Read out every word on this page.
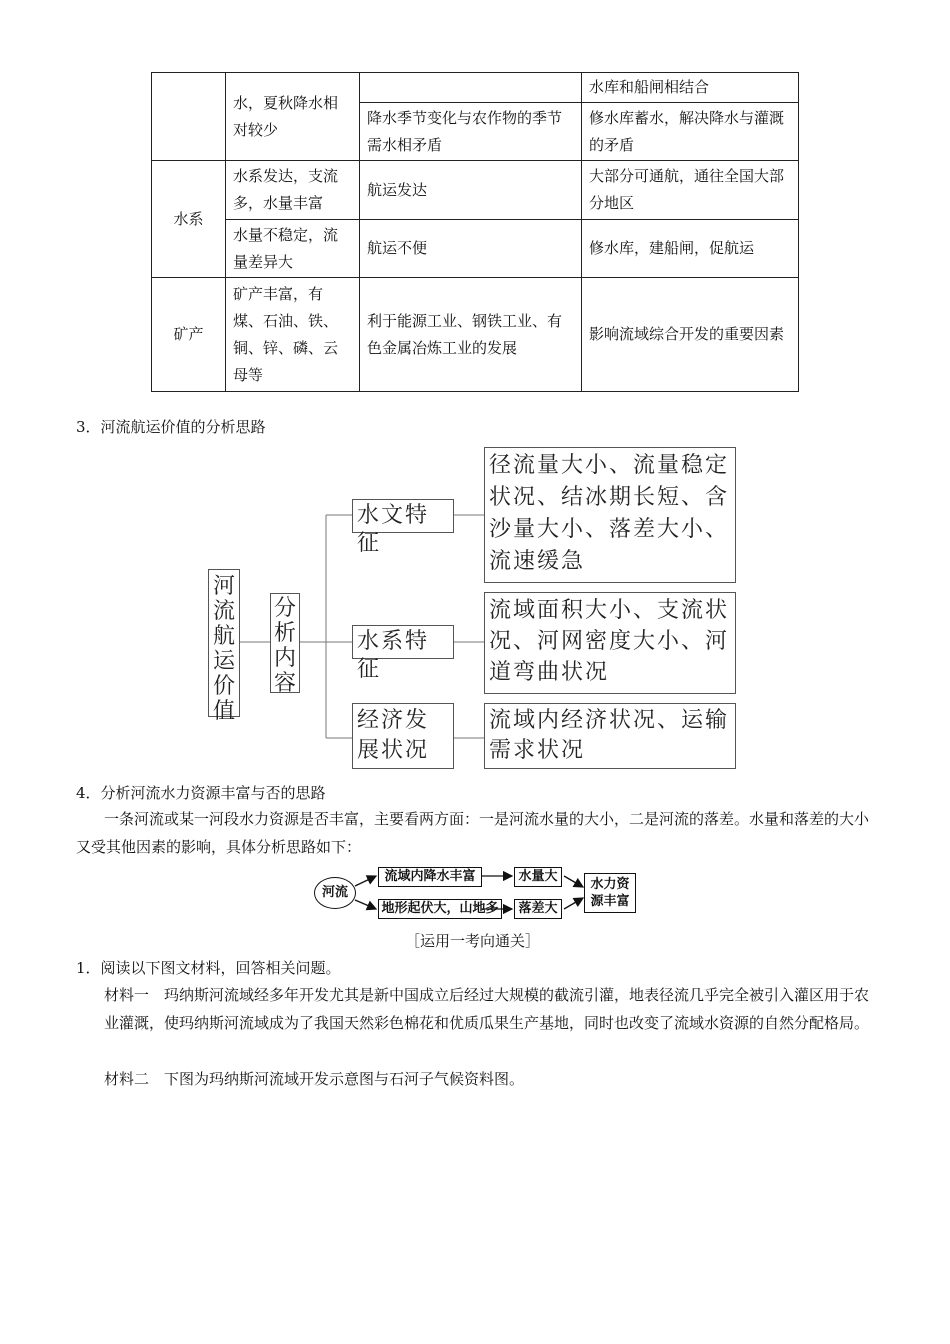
	水，夏秋降水相对较少		水库和船闸相结合
		降水季节变化与农作物的季节需水相矛盾	修水库蓄水，解决降水与灌溉的矛盾
水系	水系发达，支流多，水量丰富	航运发达	大部分可通航，通往全国大部分地区
	水量不稳定，流量差异大	航运不便	修水库，建船闸，促航运
矿产	矿产丰富，有煤、石油、铁、铜、锌、磷、云母等	利于能源工业、钢铁工业、有色金属冶炼工业的发展	影响流域综合开发的重要因素
3．河流航运价值的分析思路
河流航运价值
分析内容
水文特征
水系特征
经济发展状况
径流量大小、流量稳定状况、结冰期长短、含沙量大小、落差大小、流速缓急
流域面积大小、支流状况、河网密度大小、河道弯曲状况
流域内经济状况、运输需求状况
4．分析河流水力资源丰富与否的思路
一条河流或某一河段水力资源是否丰富，主要看两方面：一是河流水量的大小，二是河流的落差。水量和落差的大小又受其他因素的影响，具体分析思路如下：
河流
流域内降水丰富	水量大
地形起伏大，山地多	落差大
水力资源丰富
［运用一考向通关］
1．阅读以下图文材料，回答相关问题。
材料一　玛纳斯河流域经多年开发尤其是新中国成立后经过大规模的截流引灌，地表径流几乎完全被引入灌区用于农业灌溉，使玛纳斯河流域成为了我国天然彩色棉花和优质瓜果生产基地，同时也改变了流域水资源的自然分配格局。
材料二　下图为玛纳斯河流域开发示意图与石河子气候资料图。
